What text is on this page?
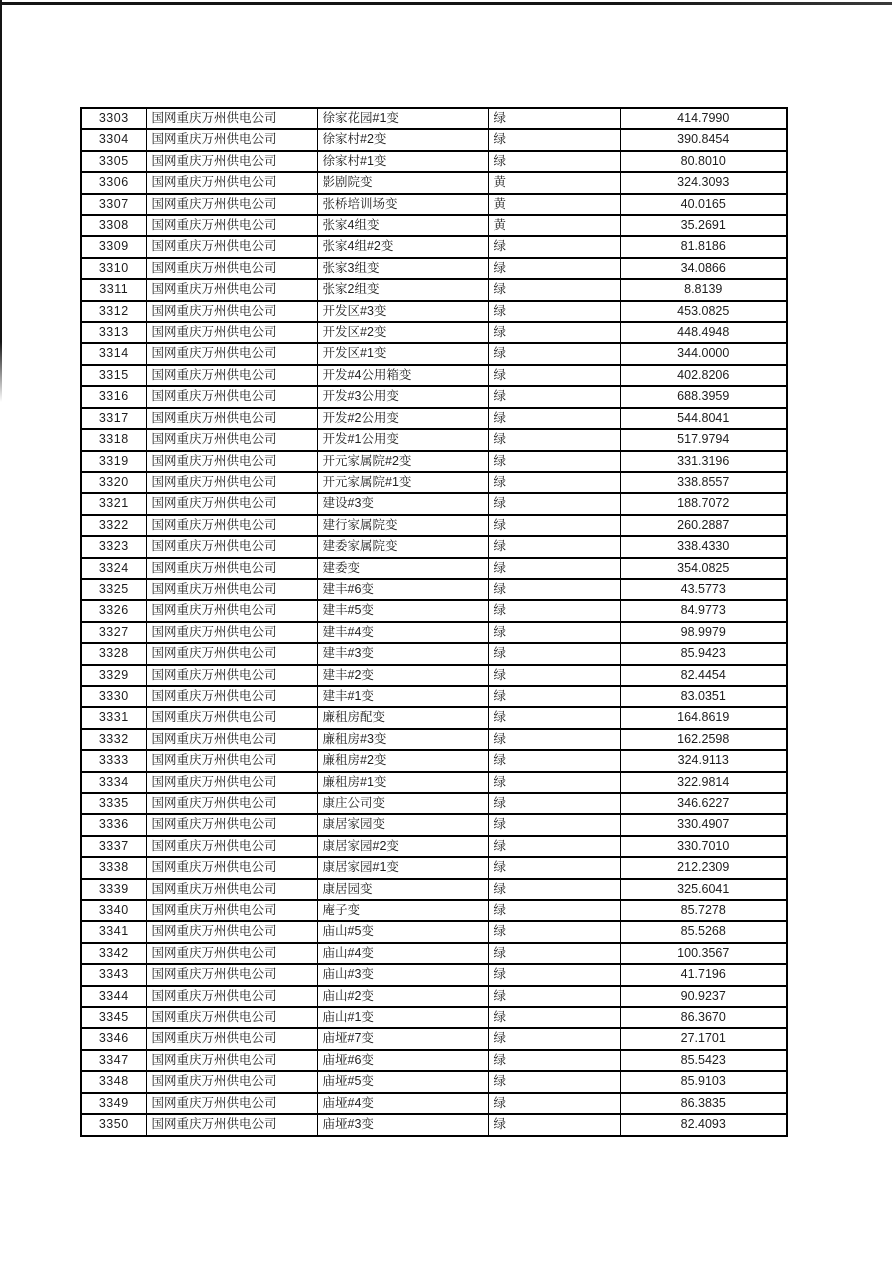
3303	国网重庆万州供电公司	徐家花园#1变	绿	414.7990
3304	国网重庆万州供电公司	徐家村#2变	绿	390.8454
3305	国网重庆万州供电公司	徐家村#1变	绿	80.8010
3306	国网重庆万州供电公司	影剧院变	黄	324.3093
3307	国网重庆万州供电公司	张桥培训场变	黄	40.0165
3308	国网重庆万州供电公司	张家4组变	黄	35.2691
3309	国网重庆万州供电公司	张家4组#2变	绿	81.8186
3310	国网重庆万州供电公司	张家3组变	绿	34.0866
3311	国网重庆万州供电公司	张家2组变	绿	8.8139
3312	国网重庆万州供电公司	开发区#3变	绿	453.0825
3313	国网重庆万州供电公司	开发区#2变	绿	448.4948
3314	国网重庆万州供电公司	开发区#1变	绿	344.0000
3315	国网重庆万州供电公司	开发#4公用箱变	绿	402.8206
3316	国网重庆万州供电公司	开发#3公用变	绿	688.3959
3317	国网重庆万州供电公司	开发#2公用变	绿	544.8041
3318	国网重庆万州供电公司	开发#1公用变	绿	517.9794
3319	国网重庆万州供电公司	开元家属院#2变	绿	331.3196
3320	国网重庆万州供电公司	开元家属院#1变	绿	338.8557
3321	国网重庆万州供电公司	建设#3变	绿	188.7072
3322	国网重庆万州供电公司	建行家属院变	绿	260.2887
3323	国网重庆万州供电公司	建委家属院变	绿	338.4330
3324	国网重庆万州供电公司	建委变	绿	354.0825
3325	国网重庆万州供电公司	建丰#6变	绿	43.5773
3326	国网重庆万州供电公司	建丰#5变	绿	84.9773
3327	国网重庆万州供电公司	建丰#4变	绿	98.9979
3328	国网重庆万州供电公司	建丰#3变	绿	85.9423
3329	国网重庆万州供电公司	建丰#2变	绿	82.4454
3330	国网重庆万州供电公司	建丰#1变	绿	83.0351
3331	国网重庆万州供电公司	廉租房配变	绿	164.8619
3332	国网重庆万州供电公司	廉租房#3变	绿	162.2598
3333	国网重庆万州供电公司	廉租房#2变	绿	324.9113
3334	国网重庆万州供电公司	廉租房#1变	绿	322.9814
3335	国网重庆万州供电公司	康庄公司变	绿	346.6227
3336	国网重庆万州供电公司	康居家园变	绿	330.4907
3337	国网重庆万州供电公司	康居家园#2变	绿	330.7010
3338	国网重庆万州供电公司	康居家园#1变	绿	212.2309
3339	国网重庆万州供电公司	康居园变	绿	325.6041
3340	国网重庆万州供电公司	庵子变	绿	85.7278
3341	国网重庆万州供电公司	庙山#5变	绿	85.5268
3342	国网重庆万州供电公司	庙山#4变	绿	100.3567
3343	国网重庆万州供电公司	庙山#3变	绿	41.7196
3344	国网重庆万州供电公司	庙山#2变	绿	90.9237
3345	国网重庆万州供电公司	庙山#1变	绿	86.3670
3346	国网重庆万州供电公司	庙垭#7变	绿	27.1701
3347	国网重庆万州供电公司	庙垭#6变	绿	85.5423
3348	国网重庆万州供电公司	庙垭#5变	绿	85.9103
3349	国网重庆万州供电公司	庙垭#4变	绿	86.3835
3350	国网重庆万州供电公司	庙垭#3变	绿	82.4093
